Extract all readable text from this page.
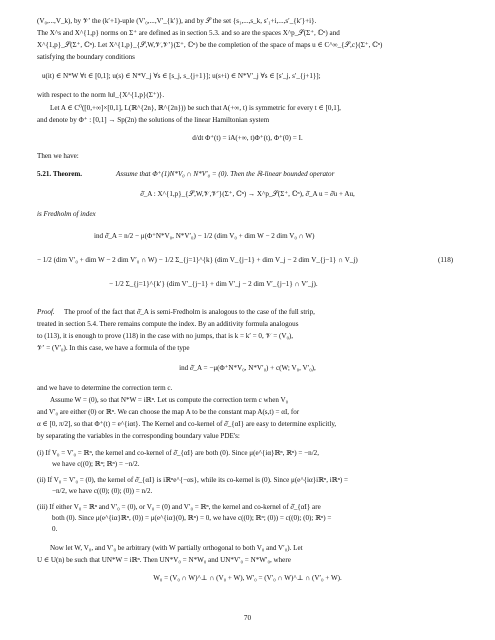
(V₀,...,V_k), by 𝒱′ the (k′+1)-uple (V′₀,...,V′_{k′}), and by 𝒮 the set {s₁,...,s_k, s′₁+i,...,s′_{k′}+i}.
The X^s and X^{1,p} norms on Σ⁺ are defined as in section 5.3. and so are the spaces X^p_𝒮(Σ⁺, ℂⁿ) and
X^{1,p}_𝒮(Σ⁺, ℂⁿ). Let X^{1,p}_{𝒮,W,𝒱,𝒱′}(Σ⁺, ℂⁿ) be the completion of the space of maps u ∈ C^∞_{𝒮,c}(Σ⁺, ℂⁿ)
satisfying the boundary conditions
u(it) ∈ N*W ∀t ∈ [0,1]; u(s) ∈ N*V_j ∀s ∈ [s_j, s_{j+1}]; u(s+i) ∈ N*V′_j ∀s ∈ [s′_j, s′_{j+1}];
with respect to the norm ‖u‖_{X^{1,p}(Σ⁺)}.
Let A ∈ C⁰([0,+∞]×[0,1], L(ℝ^{2n}, ℝ^{2n})) be such that A(+∞, t) is symmetric for every t ∈ [0,1],
and denote by Φ⁺ : [0,1] → Sp(2n) the solutions of the linear Hamiltonian system
d/dt Φ⁺(t) = iA(+∞, t)Φ⁺(t), Φ⁺(0) = I.
Then we have:
5.21. Theorem.	Assume that Φ⁺(1)N*V₀ ∩ N*V′₀ = (0). Then the ℝ-linear bounded operator
∂̄_A : X^{1,p}_{𝒮,W,𝒱,𝒱′}(Σ⁺, ℂⁿ) → X^p_𝒮(Σ⁺, ℂⁿ), ∂̄_A u = ∂̄u + Au,
is Fredholm of index
ind ∂̄_A = n/2 − μ(Φ⁺N*V₀, N*V′₀) − 1/2 (dim V₀ + dim W − 2 dim V₀ ∩ W)
− 1/2 (dim V′₀ + dim W − 2 dim V′₀ ∩ W) − 1/2 Σ_{j=1}^{k} (dim V_{j−1} + dim V_j − 2 dim V_{j−1} ∩ V_j)
− 1/2 Σ_{j=1}^{k′} (dim V′_{j−1} + dim V′_j − 2 dim V′_{j−1} ∩ V′_j).
(118)
Proof. The proof of the fact that ∂̄_A is semi-Fredholm is analogous to the case of the full strip,
treated in section 5.4. There remains compute the index. By an additivity formula analogous
to (113), it is enough to prove (118) in the case with no jumps, that is k = k′ = 0, 𝒱 = (V₀),
𝒱′ = (V′₀). In this case, we have a formula of the type
ind ∂̄_A = −μ(Φ⁺N*V₀, N*V′₀) + c(W; V₀, V′₀),
and we have to determine the correction term c.
Assume W = (0), so that N*W = iℝⁿ. Let us compute the correction term c when V₀
and V′₀ are either (0) or ℝⁿ. We can choose the map A to be the constant map A(s,t) = αI, for
α ∈ [0, π/2], so that Φ⁺(t) = e^{iαt}. The Kernel and co-kernel of ∂̄_{αI} are easy to determine explicitly,
by separating the variables in the corresponding boundary value PDE's:
(i) If V₀ = V′₀ = ℝⁿ, the kernel and co-kernel of ∂̄_{αI} are both (0). Since μ(e^{iα}ℝⁿ, ℝⁿ) = −n/2,
we have c((0); ℝⁿ; ℝⁿ) = −n/2.
(ii) If V₀ = V′₀ = (0), the kernel of ∂̄_{αI} is iℝⁿe^{−αs}, while its co-kernel is (0). Since μ(e^{iα}iℝⁿ, iℝⁿ) =
−n/2, we have c((0); (0); (0)) = n/2.
(iii) If either V₀ = ℝⁿ and V′₀ = (0), or V₀ = (0) and V′₀ = ℝⁿ, the kernel and co-kernel of ∂̄_{αI} are
both (0). Since μ(e^{iα}ℝⁿ, (0)) = μ(e^{iα}(0), ℝⁿ) = 0, we have c((0); ℝⁿ; (0)) = c((0); (0); ℝⁿ) =
0.
Now let W, V₀, and V′₀ be arbitrary (with W partially orthogonal to both V₀ and V′₀). Let
U ∈ U(n) be such that UN*W = iℝⁿ. Then UN*V₀ = N*W₀ and UN*V′₀ = N*W′₀, where
W₀ = (V₀ ∩ W)^⊥ ∩ (V₀ + W), W′₀ = (V′₀ ∩ W)^⊥ ∩ (V′₀ + W).
70
